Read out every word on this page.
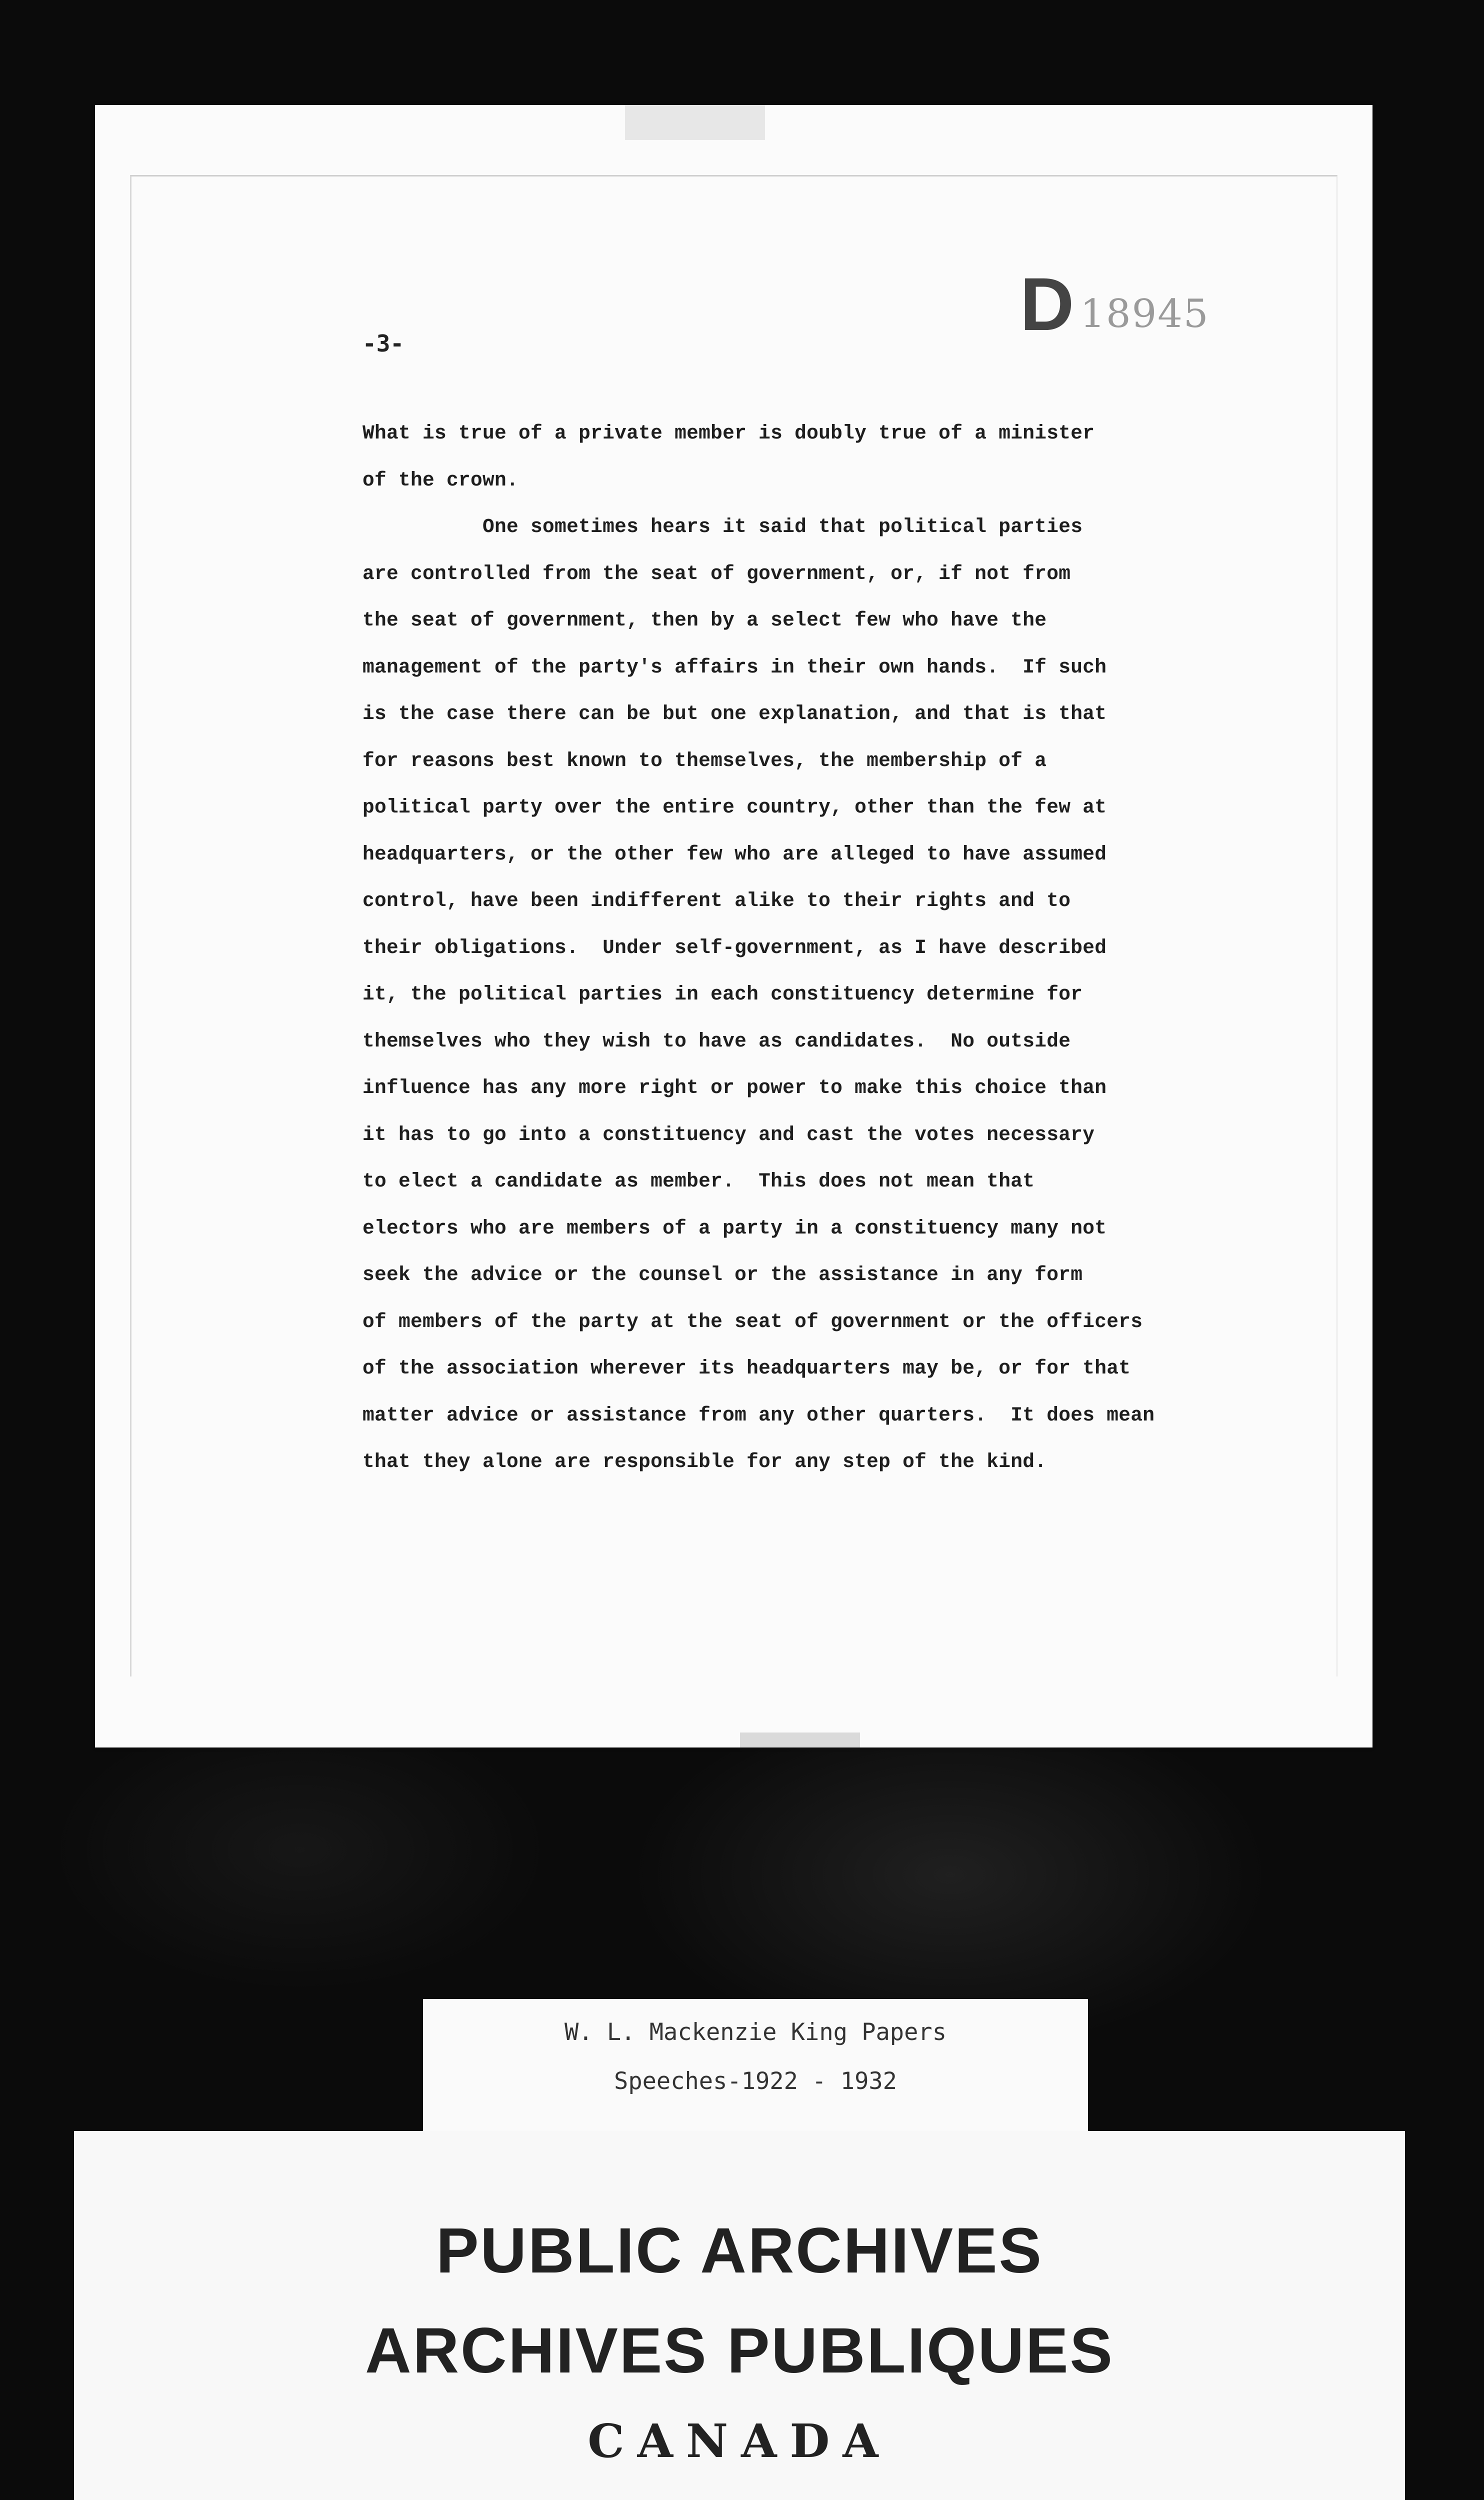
D 18945
-3-
What is true of a private member is doubly true of a minister
of the crown.
One sometimes hears it said that political parties
are controlled from the seat of government, or, if not from
the seat of government, then by a select few who have the
management of the party's affairs in their own hands.  If such
is the case there can be but one explanation, and that is that
for reasons best known to themselves, the membership of a
political party over the entire country, other than the few at
headquarters, or the other few who are alleged to have assumed
control, have been indifferent alike to their rights and to
their obligations.  Under self-government, as I have described
it, the political parties in each constituency determine for
themselves who they wish to have as candidates.  No outside
influence has any more right or power to make this choice than
it has to go into a constituency and cast the votes necessary
to elect a candidate as member.  This does not mean that
electors who are members of a party in a constituency many not
seek the advice or the counsel or the assistance in any form
of members of the party at the seat of government or the officers
of the association wherever its headquarters may be, or for that
matter advice or assistance from any other quarters.  It does mean
that they alone are responsible for any step of the kind.
W. L. Mackenzie King Papers
Speeches-1922 - 1932
PUBLIC ARCHIVES
ARCHIVES PUBLIQUES
CANADA
